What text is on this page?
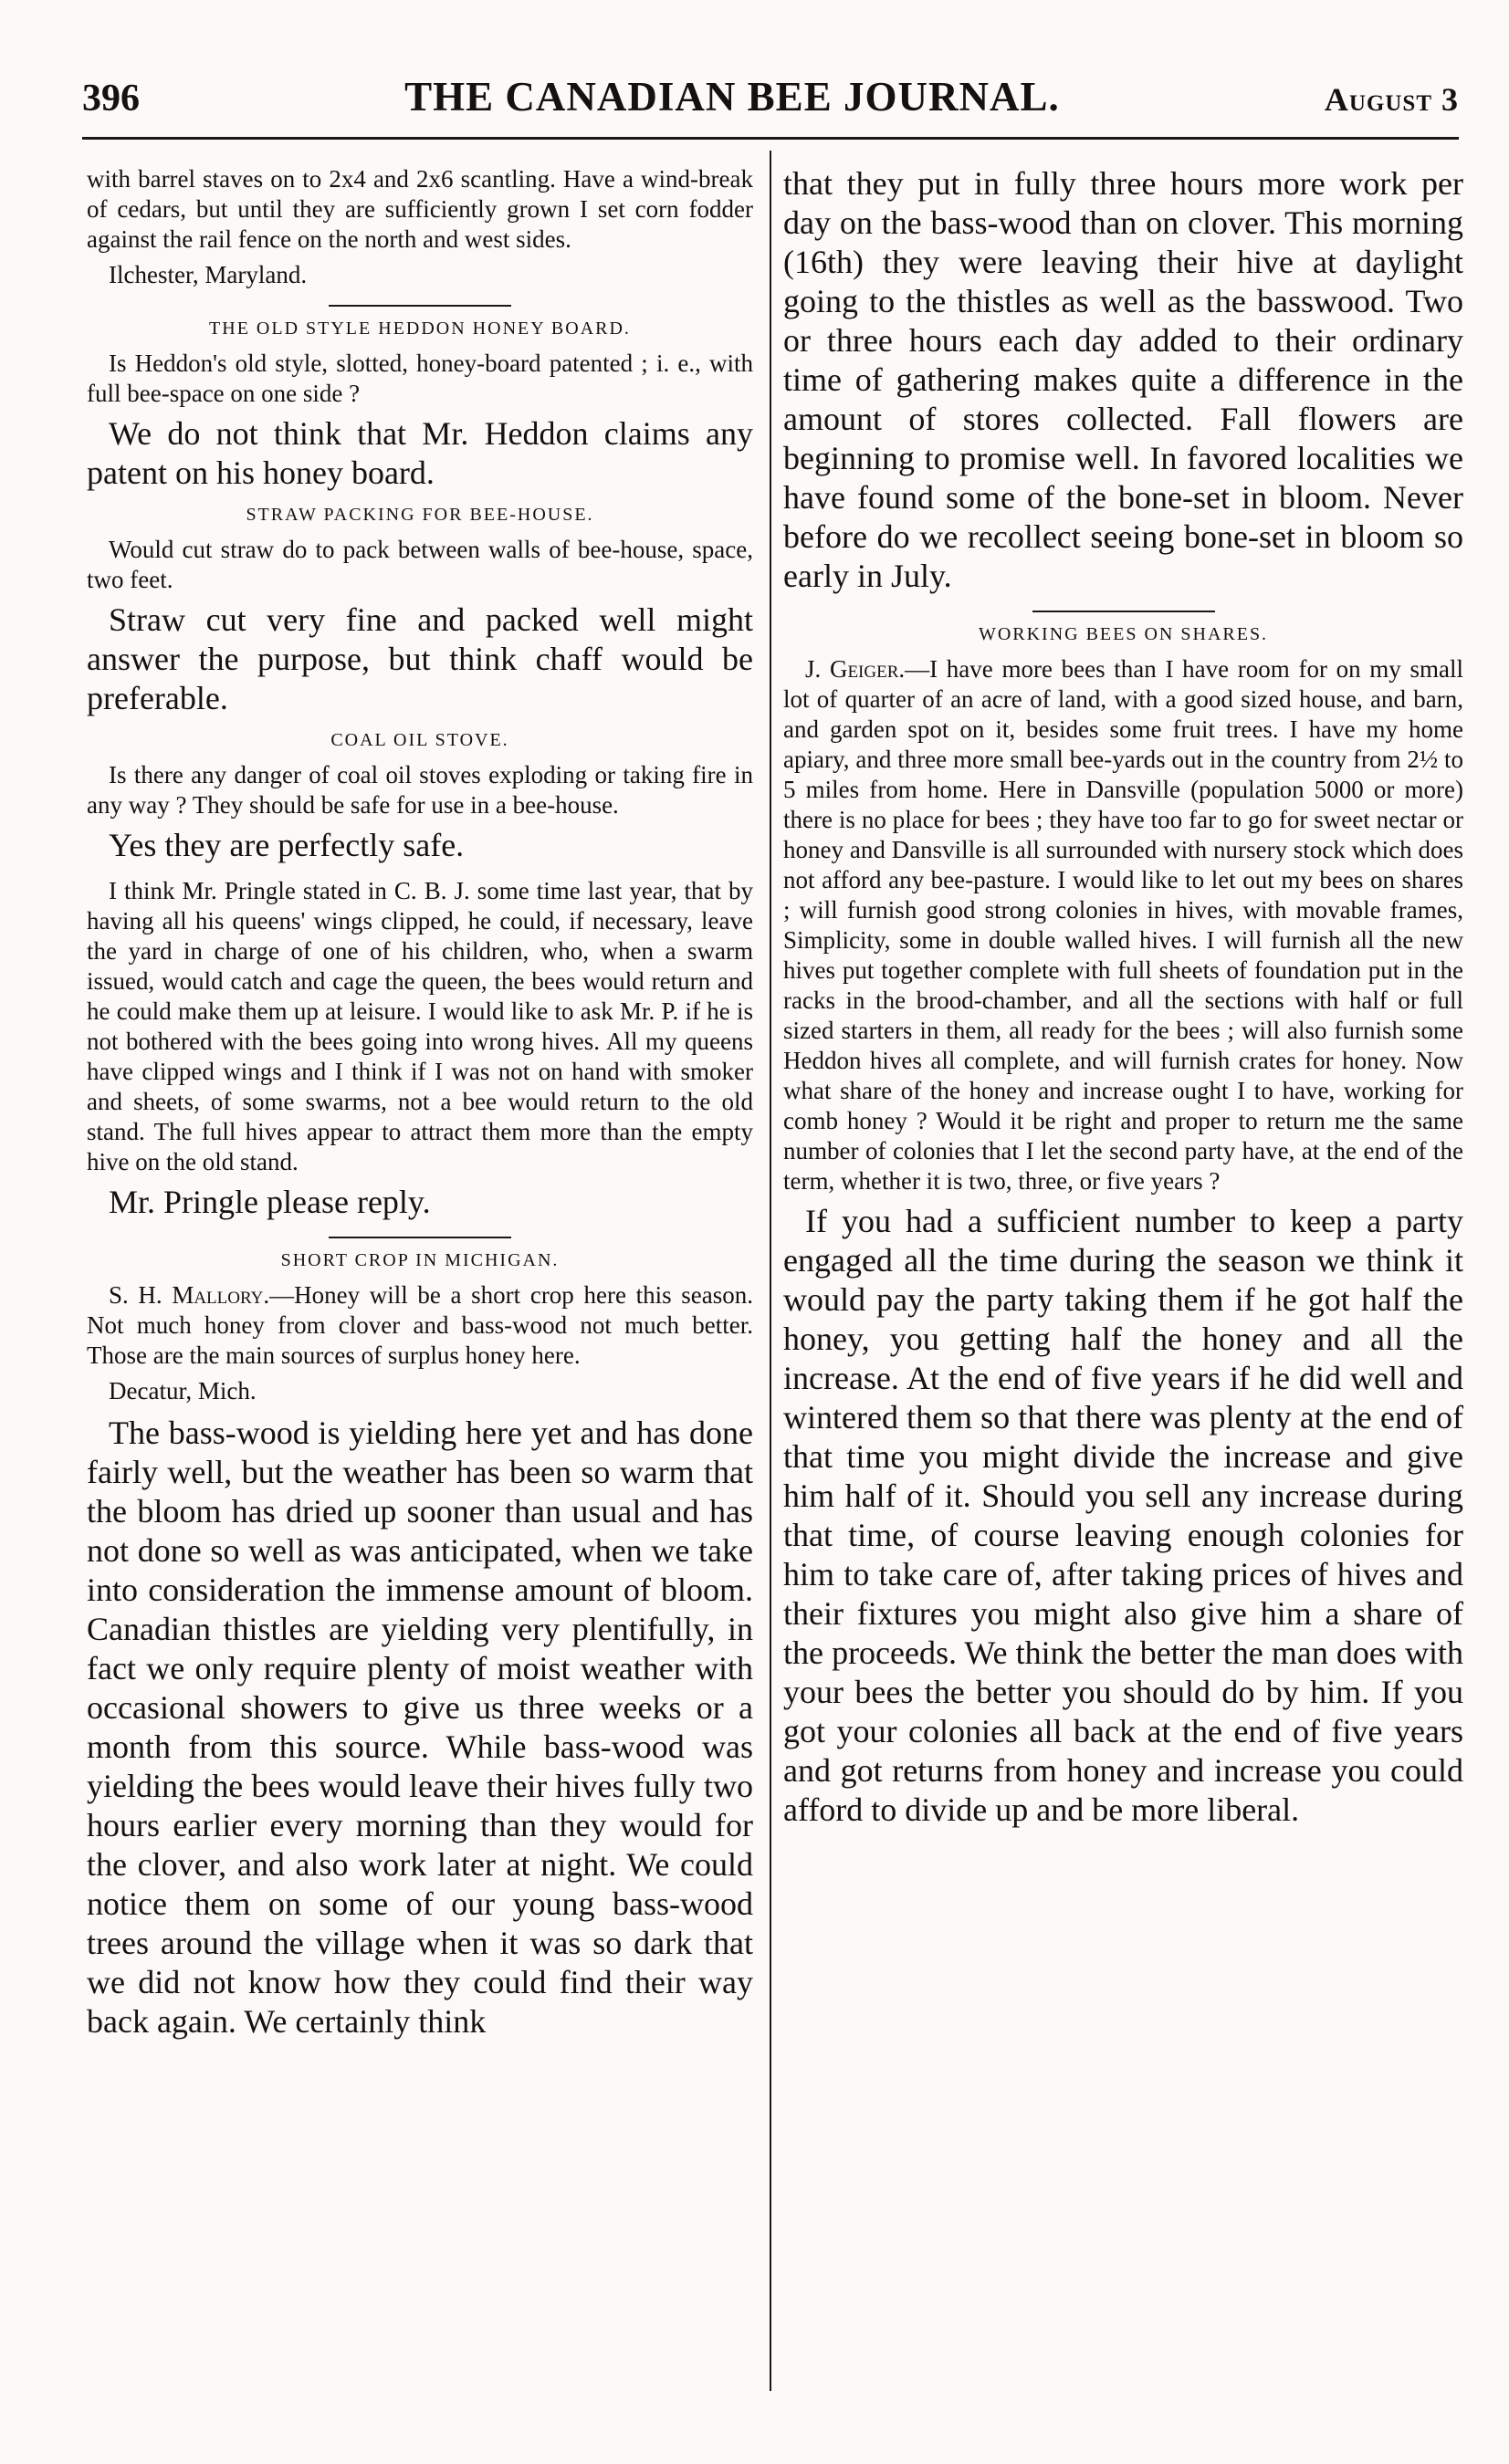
396	THE CANADIAN BEE JOURNAL.	August 3

with barrel staves on to 2x4 and 2x6 scantling. Have a wind-break of cedars, but until they are sufficiently grown I set corn fodder against the rail fence on the north and west sides.

Ilchester, Maryland.

THE OLD STYLE HEDDON HONEY BOARD.

Is Heddon's old style, slotted, honey-board patented ; i. e., with full bee-space on one side ?

We do not think that Mr. Heddon claims any patent on his honey board.

STRAW PACKING FOR BEE-HOUSE.

Would cut straw do to pack between walls of bee-house, space, two feet.

Straw cut very fine and packed well might answer the purpose, but think chaff would be preferable.

COAL OIL STOVE.

Is there any danger of coal oil stoves exploding or taking fire in any way ? They should be safe for use in a bee-house.

Yes they are perfectly safe.

I think Mr. Pringle stated in C. B. J. some time last year, that by having all his queens' wings clipped, he could, if necessary, leave the yard in charge of one of his children, who, when a swarm issued, would catch and cage the queen, the bees would return and he could make them up at leisure. I would like to ask Mr. P. if he is not bothered with the bees going into wrong hives. All my queens have clipped wings and I think if I was not on hand with smoker and sheets, of some swarms, not a bee would return to the old stand. The full hives appear to attract them more than the empty hive on the old stand.

Mr. Pringle please reply.

SHORT CROP IN MICHIGAN.

S. H. Mallory.—Honey will be a short crop here this season. Not much honey from clover and bass-wood not much better. Those are the main sources of surplus honey here.

Decatur, Mich.

The bass-wood is yielding here yet and has done fairly well, but the weather has been so warm that the bloom has dried up sooner than usual and has not done so well as was anticipated, when we take into consideration the immense amount of bloom. Canadian thistles are yielding very plentifully, in fact we only require plenty of moist weather with occasional showers to give us three weeks or a month from this source. While bass-wood was yielding the bees would leave their hives fully two hours earlier every morning than they would for the clover, and also work later at night. We could notice them on some of our young bass-wood trees around the village when it was so dark that we did not know how they could find their way back again. We certainly think

that they put in fully three hours more work per day on the bass-wood than on clover. This morning (16th) they were leaving their hive at daylight going to the thistles as well as the basswood. Two or three hours each day added to their ordinary time of gathering makes quite a difference in the amount of stores collected. Fall flowers are beginning to promise well. In favored localities we have found some of the bone-set in bloom. Never before do we recollect seeing bone-set in bloom so early in July.

WORKING BEES ON SHARES.

J. Geiger.—I have more bees than I have room for on my small lot of quarter of an acre of land, with a good sized house, and barn, and garden spot on it, besides some fruit trees. I have my home apiary, and three more small bee-yards out in the country from 2½ to 5 miles from home. Here in Dansville (population 5000 or more) there is no place for bees ; they have too far to go for sweet nectar or honey and Dansville is all surrounded with nursery stock which does not afford any bee-pasture. I would like to let out my bees on shares ; will furnish good strong colonies in hives, with movable frames, Simplicity, some in double walled hives. I will furnish all the new hives put together complete with full sheets of foundation put in the racks in the brood-chamber, and all the sections with half or full sized starters in them, all ready for the bees ; will also furnish some Heddon hives all complete, and will furnish crates for honey. Now what share of the honey and increase ought I to have, working for comb honey ? Would it be right and proper to return me the same number of colonies that I let the second party have, at the end of the term, whether it is two, three, or five years ?

If you had a sufficient number to keep a party engaged all the time during the season we think it would pay the party taking them if he got half the honey, you getting half the honey and all the increase. At the end of five years if he did well and wintered them so that there was plenty at the end of that time you might divide the increase and give him half of it. Should you sell any increase during that time, of course leaving enough colonies for him to take care of, after taking prices of hives and their fixtures you might also give him a share of the proceeds. We think the better the man does with your bees the better you should do by him. If you got your colonies all back at the end of five years and got returns from honey and increase you could afford to divide up and be more liberal.
